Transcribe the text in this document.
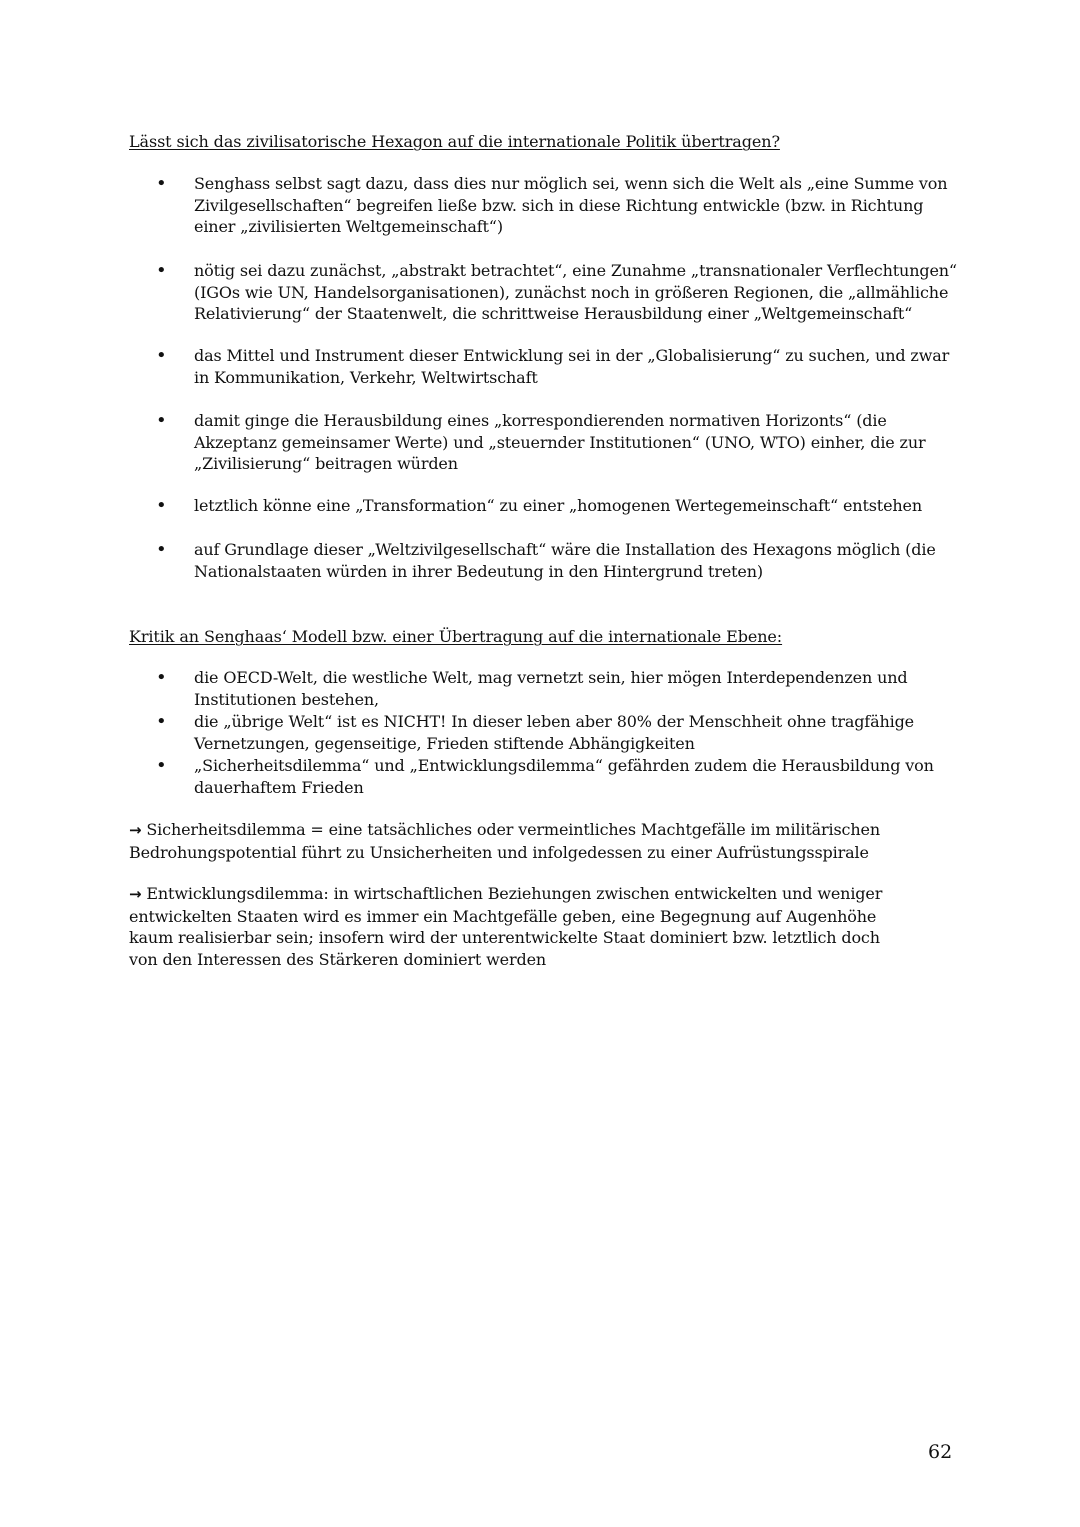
Lässt sich das zivilisatorische Hexagon auf die internationale Politik übertragen?
• Senghass selbst sagt dazu, dass dies nur möglich sei, wenn sich die Welt als „eine Summe von Zivilgesellschaften“ begreifen ließe bzw. sich in diese Richtung entwickle (bzw. in Richtung einer „zivilisierten Weltgemeinschaft“)
• nötig sei dazu zunächst, „abstrakt betrachtet“, eine Zunahme „transnationaler Verflechtungen“ (IGOs wie UN, Handelsorganisationen), zunächst noch in größeren Regionen, die „allmähliche Relativierung“ der Staatenwelt, die schrittweise Herausbildung einer „Weltgemeinschaft“
• das Mittel und Instrument dieser Entwicklung sei in der „Globalisierung“ zu suchen, und zwar in Kommunikation, Verkehr, Weltwirtschaft
• damit ginge die Herausbildung eines „korrespondierenden normativen Horizonts“ (die Akzeptanz gemeinsamer Werte) und „steuernder Institutionen“ (UNO, WTO) einher, die zur „Zivilisierung“ beitragen würden
• letztlich könne eine „Transformation“ zu einer „homogenen Wertegemeinschaft“ entstehen
• auf Grundlage dieser „Weltzivilgesellschaft“ wäre die Installation des Hexagons möglich (die Nationalstaaten würden in ihrer Bedeutung in den Hintergrund treten)
Kritik an Senghaas‘ Modell bzw. einer Übertragung auf die internationale Ebene:
• die OECD-Welt, die westliche Welt, mag vernetzt sein, hier mögen Interdependenzen und Institutionen bestehen,
• die „übrige Welt“ ist es NICHT! In dieser leben aber 80% der Menschheit ohne tragfähige Vernetzungen, gegenseitige, Frieden stiftende Abhängigkeiten
• „Sicherheitsdilemma“ und „Entwicklungsdilemma“ gefährden zudem die Herausbildung von dauerhaftem Frieden
→ Sicherheitsdilemma = eine tatsächliches oder vermeintliches Machtgefälle im militärischen Bedrohungspotential führt zu Unsicherheiten und infolgedessen zu einer Aufrüstungsspirale
→ Entwicklungsdilemma: in wirtschaftlichen Beziehungen zwischen entwickelten und weniger entwickelten Staaten wird es immer ein Machtgefälle geben, eine Begegnung auf Augenhöhe kaum realisierbar sein; insofern wird der unterentwickelte Staat dominiert bzw. letztlich doch von den Interessen des Stärkeren dominiert werden
62
